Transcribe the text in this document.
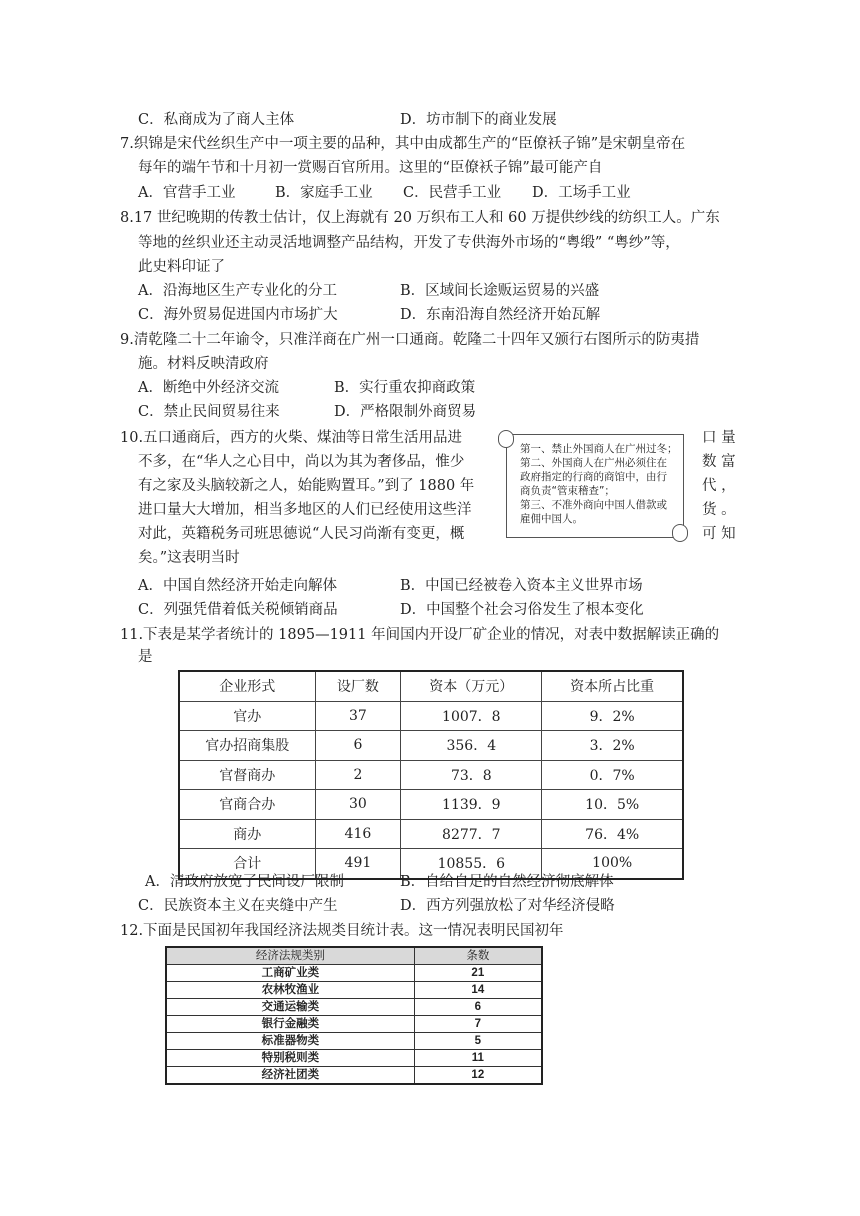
C．私商成为了商人主体	D．坊市制下的商业发展
7.织锦是宋代丝织生产中一项主要的品种，其中由成都生产的“臣僚袄子锦”是宋朝皇帝在
每年的端午节和十月初一赏赐百官所用。这里的“臣僚袄子锦”最可能产自
A．官营手工业	B．家庭手工业 C．民营手工业 D．工场手工业
8.17 世纪晚期的传教士估计，仅上海就有 20 万织布工人和 60 万提供纱线的纺织工人。广东
等地的丝织业还主动灵活地调整产品结构，开发了专供海外市场的“粤缎” “粤纱”等，
此史料印证了
A．沿海地区生产专业化的分工	B．区域间长途贩运贸易的兴盛
C．海外贸易促进国内市场扩大	D．东南沿海自然经济开始瓦解
9.清乾隆二十二年谕令，只准洋商在广州一口通商。乾隆二十四年又颁行右图所示的防夷措
施。材料反映清政府
A．断绝中外经济交流	B．实行重农抑商政策
C．禁止民间贸易往来	D．严格限制外商贸易
第一、禁止外国商人在广州过冬；
第二、外国商人在广州必须住在
政府指定的行商的商馆中，由行
商负责“管束稽查”；
第三、不准外商向中国人借款或
雇佣中国人。
10.五口通商后，西方的火柴、煤油等日常生活用品进
不多，在“华人之心目中，尚以为其为奢侈品，惟少
有之家及头脑较新之人，始能购置耳。”到了 1880 年
进口量大大增加，相当多地区的人们已经使用这些洋
对此，英籍税务司班思德说“人民习尚渐有变更，概
矣。”这表明当时
口 量
数 富
代 ，
货 。
可 知
A．中国自然经济开始走向解体	B．中国已经被卷入资本主义世界市场
C．列强凭借着低关税倾销商品	D．中国整个社会习俗发生了根本变化
11.下表是某学者统计的 1895—1911 年间国内开设厂矿企业的情况，对表中数据解读正确的
是
企业形式	设厂数	资本（万元）	资本所占比重
官办	37	1007．8	9．2%
官办招商集股	6	356．4	3．2%
官督商办	2	73．8	0．7%
官商合办	30	1139．9	10．5%
商办	416	8277．7	76．4%
合计	491	10855．6	100%
A．清政府放宽了民间设厂限制	B．自给自足的自然经济彻底解体
C．民族资本主义在夹缝中产生	D．西方列强放松了对华经济侵略
12.下面是民国初年我国经济法规类目统计表。这一情况表明民国初年
经济法规类别	条数
工商矿业类	21
农林牧渔业	14
交通运输类	6
银行金融类	7
标准器物类	5
特别税则类	11
经济社团类	12
